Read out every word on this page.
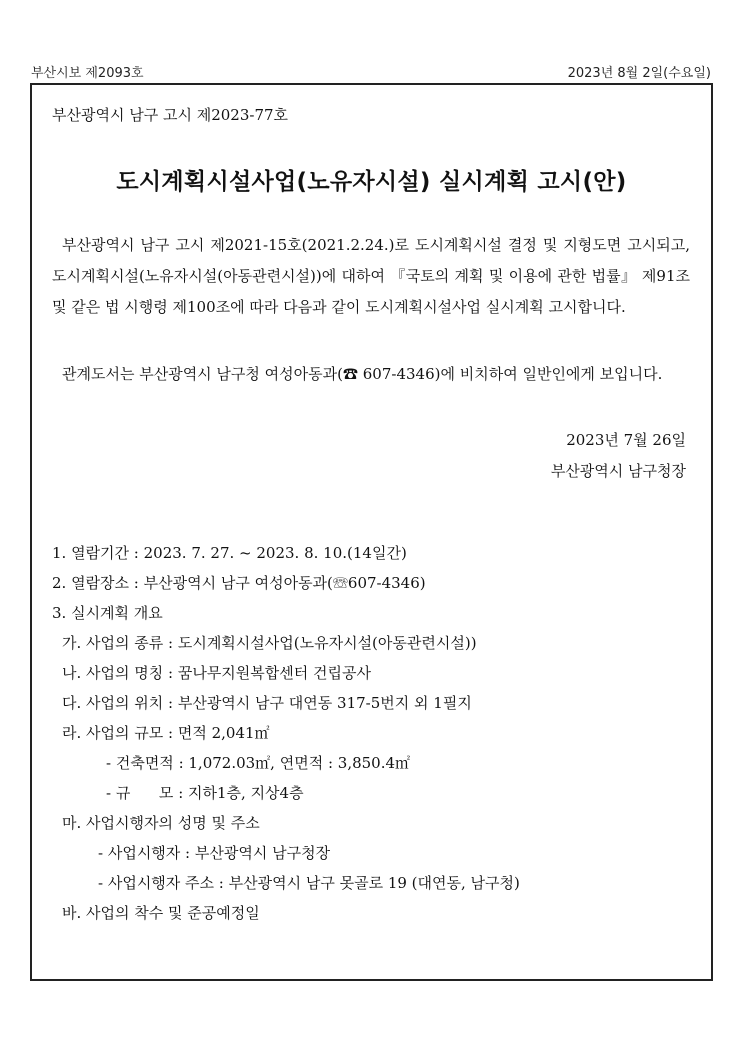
부산시보 제2093호	2023년 8월 2일(수요일)
부산광역시 남구 고시 제2023-77호
도시계획시설사업(노유자시설) 실시계획 고시(안)

부산광역시 남구 고시 제2021-15호(2021.2.24.)로 도시계획시설 결정 및 지형도면 고시되고, 도시계획시설(노유자시설(아동관련시설))에 대하여 『국토의 계획 및 이용에 관한 법률』 제91조 및 같은 법 시행령 제100조에 따라 다음과 같이 도시계획시설사업 실시계획 고시합니다.

관계도서는 부산광역시 남구청 여성아동과(☎ 607-4346)에 비치하여 일반인에게 보입니다.

2023년 7월 26일
부산광역시 남구청장
1. 열람기간 : 2023. 7. 27. ~ 2023. 8. 10.(14일간)
2. 열람장소 : 부산광역시 남구 여성아동과(☏607-4346)
3. 실시계획 개요
가. 사업의 종류 : 도시계획시설사업(노유자시설(아동관련시설))
나. 사업의 명칭 : 꿈나무지원복합센터 건립공사
다. 사업의 위치 : 부산광역시 남구 대연동 317-5번지 외 1필지
라. 사업의 규모 : 면적 2,041㎡
- 건축면적 : 1,072.03㎡, 연면적 : 3,850.4㎡
- 규      모 : 지하1층, 지상4층
마. 사업시행자의 성명 및 주소
- 사업시행자 : 부산광역시 남구청장
- 사업시행자 주소 : 부산광역시 남구 못골로 19 (대연동, 남구청)
바. 사업의 착수 및 준공예정일
